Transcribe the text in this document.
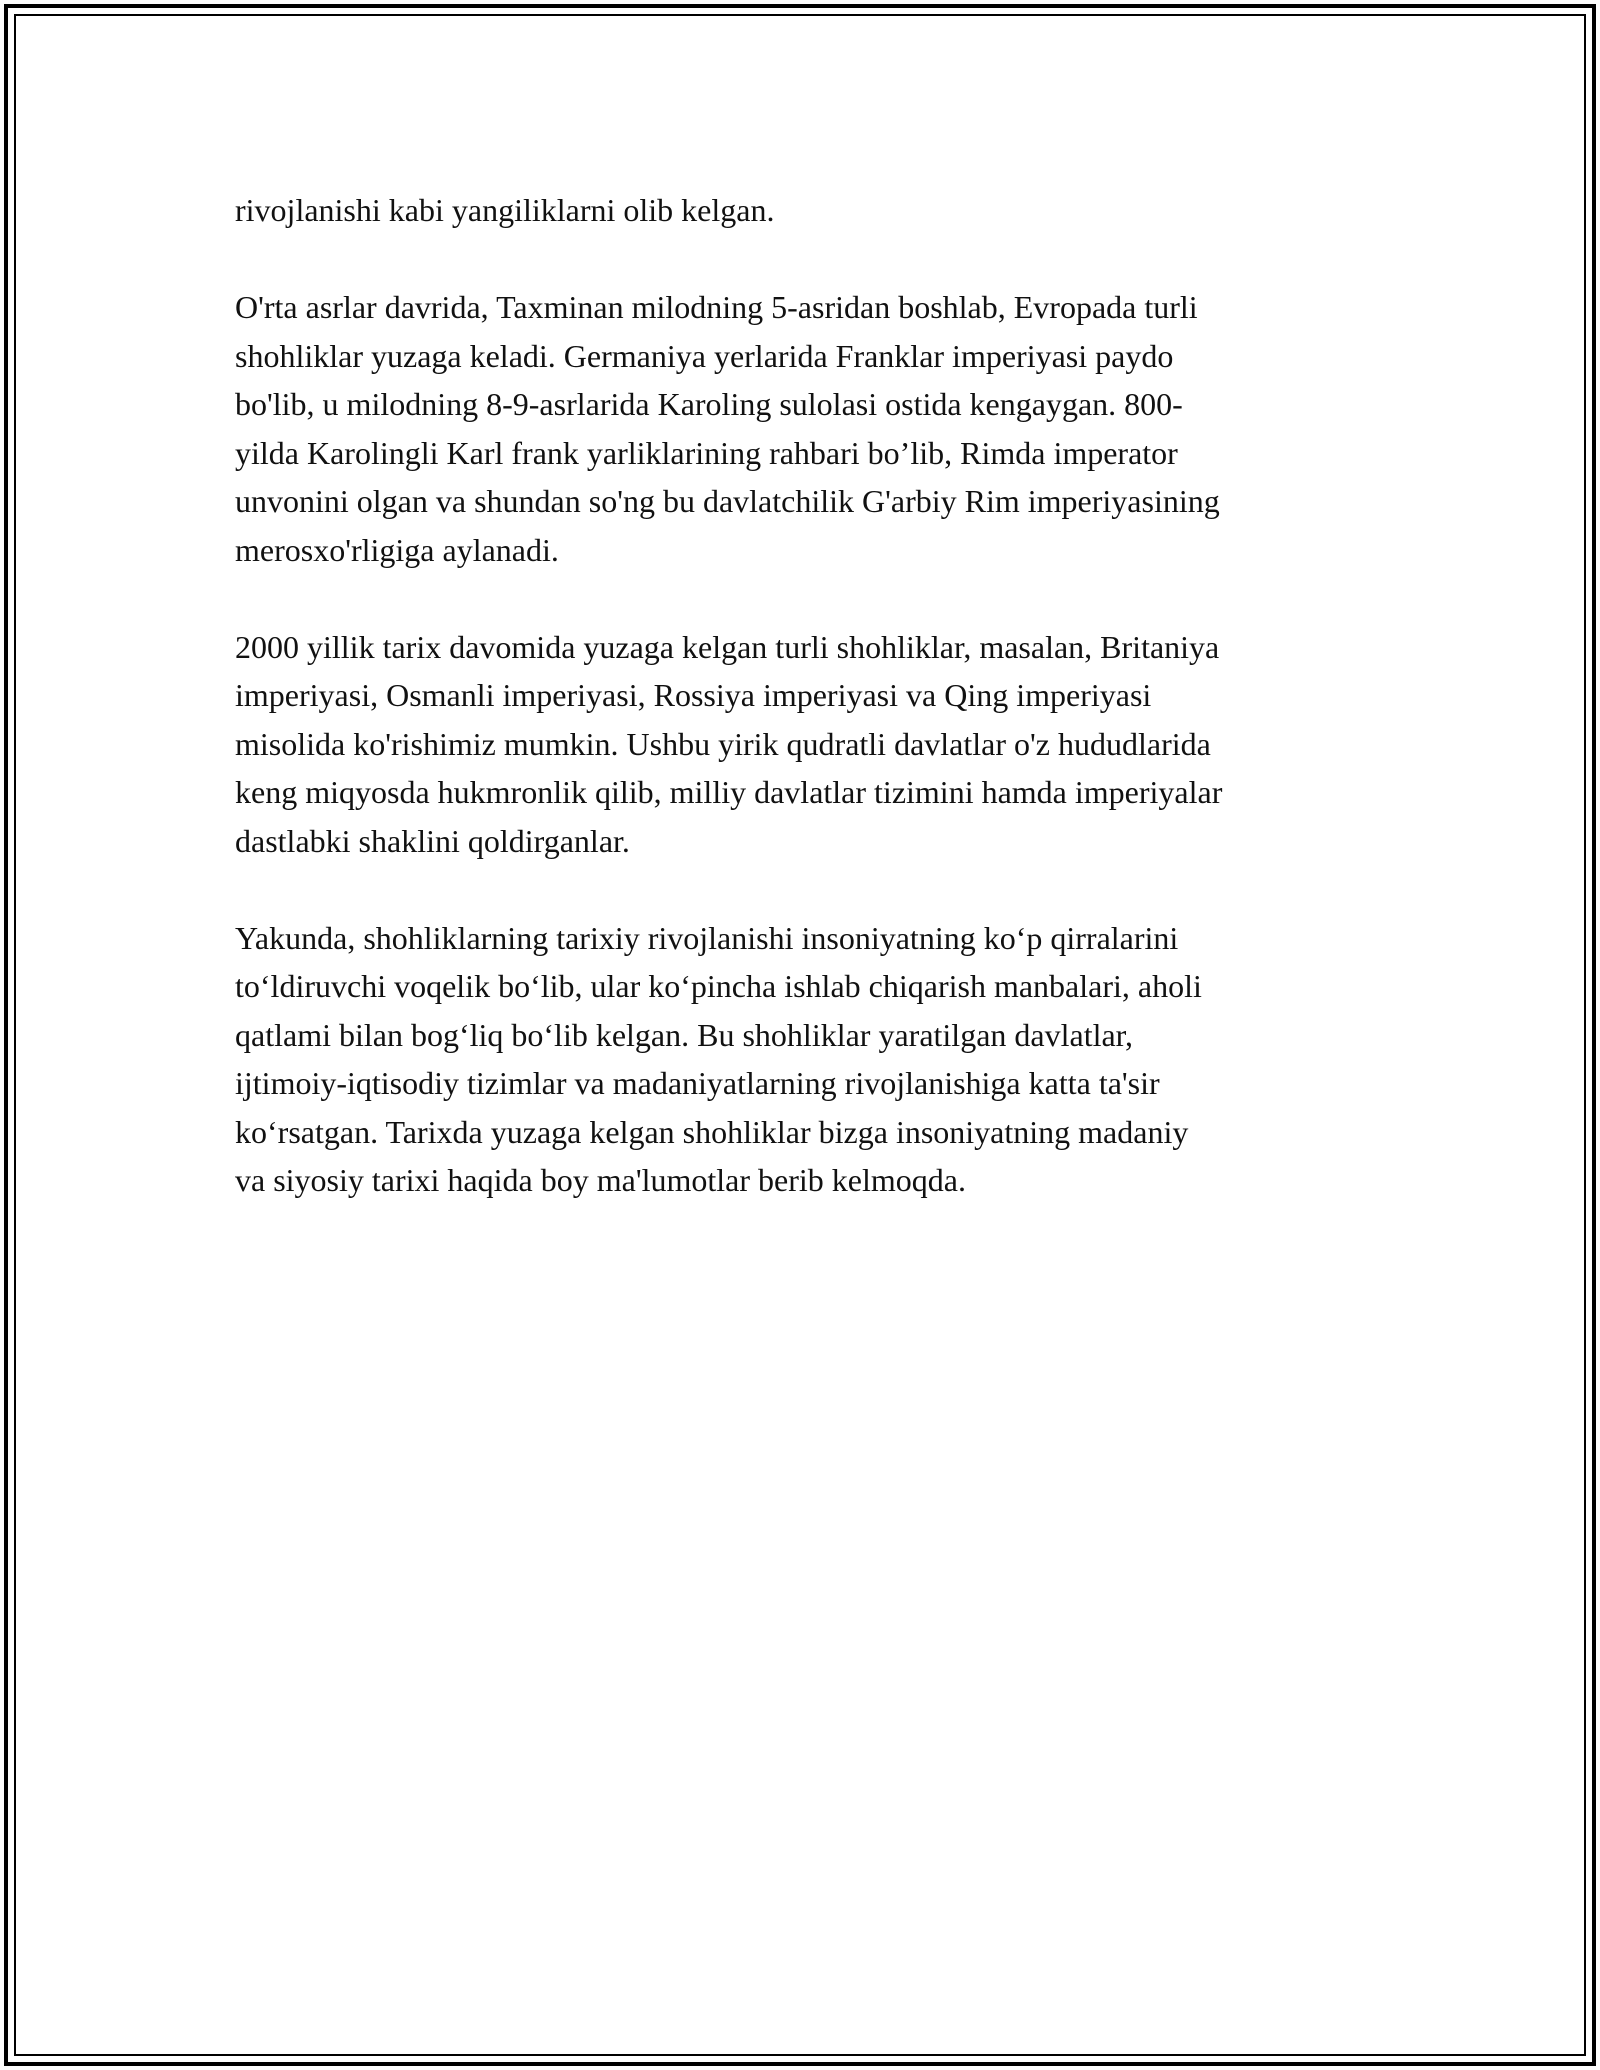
rivojlanishi kabi yangiliklarni olib kelgan.

O'rta asrlar davrida, Taxminan milodning 5-asridan boshlab, Evropada turli
shohliklar yuzaga keladi. Germaniya yerlarida Franklar imperiyasi paydo
bo'lib, u milodning 8-9-asrlarida Karoling sulolasi ostida kengaygan. 800-
yilda Karolingli Karl frank yarliklarining rahbari bo’lib, Rimda imperator
unvonini olgan va shundan so'ng bu davlatchilik G'arbiy Rim imperiyasining
merosxo'rligiga aylanadi.

2000 yillik tarix davomida yuzaga kelgan turli shohliklar, masalan, Britaniya
imperiyasi, Osmanli imperiyasi, Rossiya imperiyasi va Qing imperiyasi
misolida ko'rishimiz mumkin. Ushbu yirik qudratli davlatlar o'z hududlarida
keng miqyosda hukmronlik qilib, milliy davlatlar tizimini hamda imperiyalar
dastlabki shaklini qoldirganlar.

Yakunda, shohliklarning tarixiy rivojlanishi insoniyatning ko‘p qirralarini
to‘ldiruvchi voqelik bo‘lib, ular ko‘pincha ishlab chiqarish manbalari, aholi
qatlami bilan bog‘liq bo‘lib kelgan. Bu shohliklar yaratilgan davlatlar,
ijtimoiy-iqtisodiy tizimlar va madaniyatlarning rivojlanishiga katta ta'sir
ko‘rsatgan. Tarixda yuzaga kelgan shohliklar bizga insoniyatning madaniy
va siyosiy tarixi haqida boy ma'lumotlar berib kelmoqda.
